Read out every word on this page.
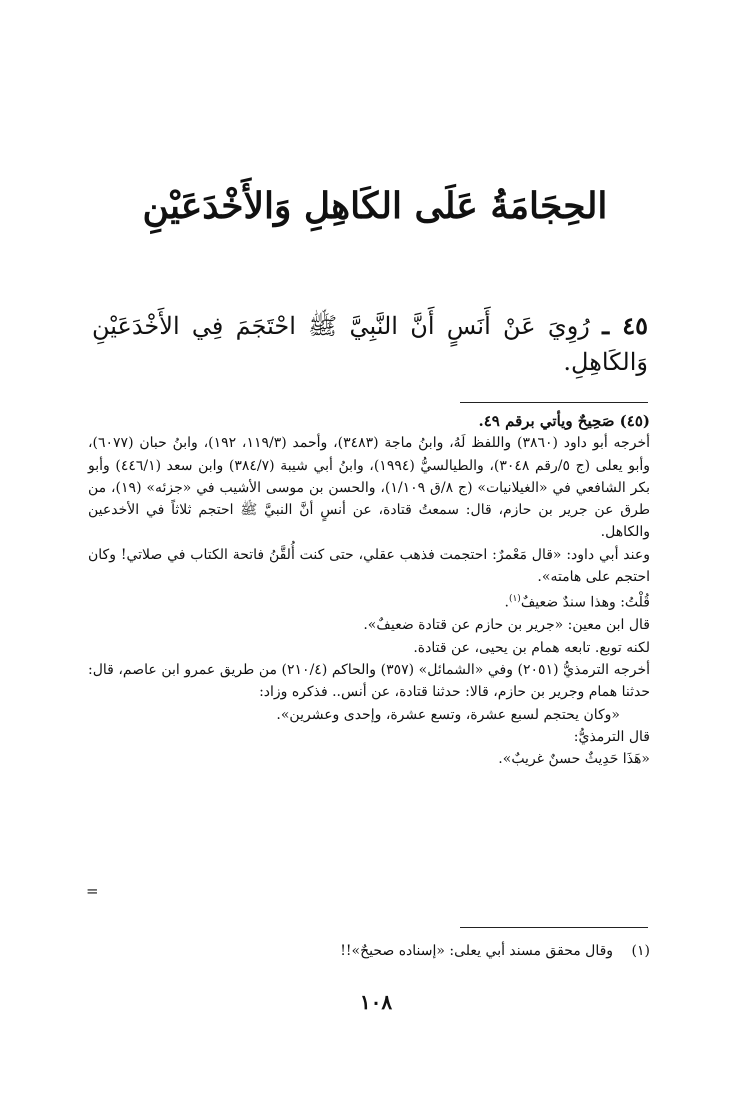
الحِجَامَةُ عَلَى الكَاهِلِ وَالأَخْدَعَيْنِ
٤٥ ـ رُوِيَ عَنْ أَنَسٍ أَنَّ النَّبِيَّ ﷺ احْتَجَمَ فِي الأَخْدَعَيْنِ وَالكَاهِلِ.

(٤٥) صَحِيحٌ ويأتي برقم ٤٩.

أخرجه أبو داود (٣٨٦٠) واللفظ لَهُ، وابنُ ماجة (٣٤٨٣)، وأحمد (١١٩/٣، ١٩٢)، وابنُ حبان (٦٠٧٧)، وأبو يعلى (ج ٥/رقم ٣٠٤٨)، والطيالسيُّ (١٩٩٤)، وابنُ أبي شيبة (٣٨٤/٧) وابن سعد (٤٤٦/١) وأبو بكر الشافعي في «الغيلانيات» (ج ٨/ق ١/١٠٩)، والحسن بن موسى الأشيب في «جزئه» (١٩)، من طرق عن جرير بن حازم، قال: سمعتُ قتادة، عن أنسٍ أنَّ النبيَّ ﷺ احتجم ثلاثاً في الأخدعين والكاهل.

وعند أبي داود: «قال مَعْمرٌ: احتجمت فذهب عقلي، حتى كنت أُلقَّنُ فاتحة الكتاب في صلاتي! وكان احتجم على هامته».

قُلْتُ: وهذا سندٌ ضعيفٌ$^{(١)}$.

قال ابن معين: «جرير بن حازم عن قتادة ضعيفٌ».

لكنه توبع. تابعه همام بن يحيى، عن قتادة.

أخرجه الترمذيُّ (٢٠٥١) وفي «الشمائل» (٣٥٧) والحاكم (٢١٠/٤) من طريق عمرو ابن عاصم، قال: حدثنا همام وجرير بن حازم، قالا: حدثنا قتادة، عن أنس.. فذكره وزاد:

«وكان يحتجم لسبع عشرة، وتسع عشرة، وإحدى وعشرين».

قال الترمذيُّ:

«هَذَا حَدِيثٌ حسنٌ غريبٌ».

=
(١) وقال محقق مسند أبي يعلى: «إسناده صحيحٌ»!!
١٠٨
